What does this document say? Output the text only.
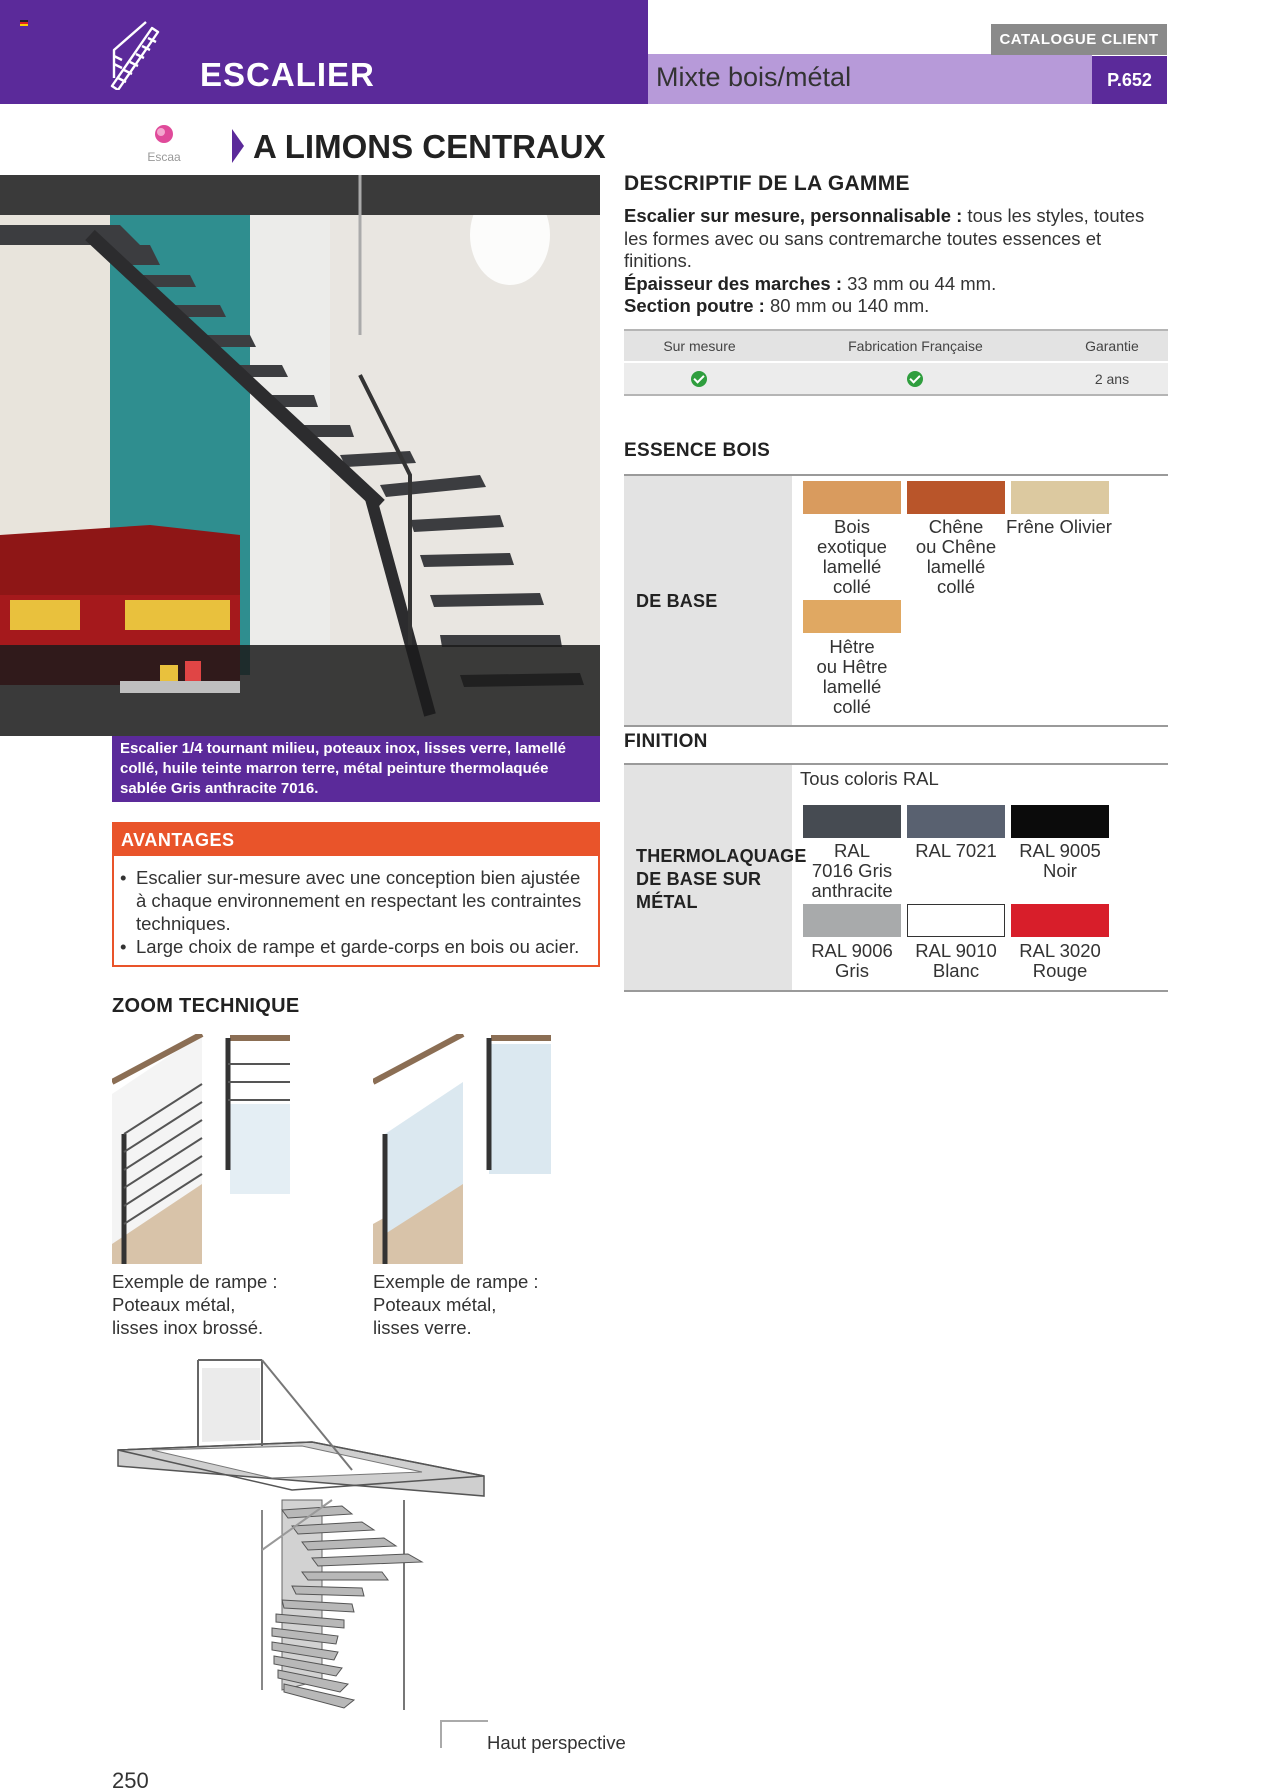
ESCALIER	Mixte bois/métal
CATALOGUE CLIENT
P.652
Escaa A LIMONS CENTRAUX
Escalier 1/4 tournant milieu, poteaux inox, lisses verre, lamellé collé, huile teinte marron terre, métal peinture thermolaquée sablée Gris anthracite 7016.
AVANTAGES
• Escalier sur-mesure avec une conception bien ajustée à chaque environnement en respectant les contraintes techniques.
• Large choix de rampe et garde-corps en bois ou acier.
ZOOM TECHNIQUE
Exemple de rampe :
Poteaux métal,
lisses inox brossé.
Exemple de rampe :
Poteaux métal,
lisses verre.
Haut perspective
250
DESCRIPTIF DE LA GAMME
Escalier sur mesure, personnalisable : tous les styles, toutes les formes avec ou sans contremarche toutes essences et finitions.
Épaisseur des marches : 33 mm ou 44 mm.
Section poutre : 80 mm ou 140 mm.
Sur mesure	Fabrication Française	Garantie
		2 ans
ESSENCE BOIS
DE BASE
Bois
exotique
lamellé
collé
Chêne
ou Chêne
lamellé
collé
Frêne Olivier
Hêtre
ou Hêtre
lamellé
collé
FINITION
THERMOLAQUAGE
DE BASE SUR
MÉTAL
Tous coloris RAL
RAL
7016 Gris
anthracite
RAL 7021	RAL 9005
Noir
RAL 9006
Gris
RAL 9010
Blanc
RAL 3020
Rouge
